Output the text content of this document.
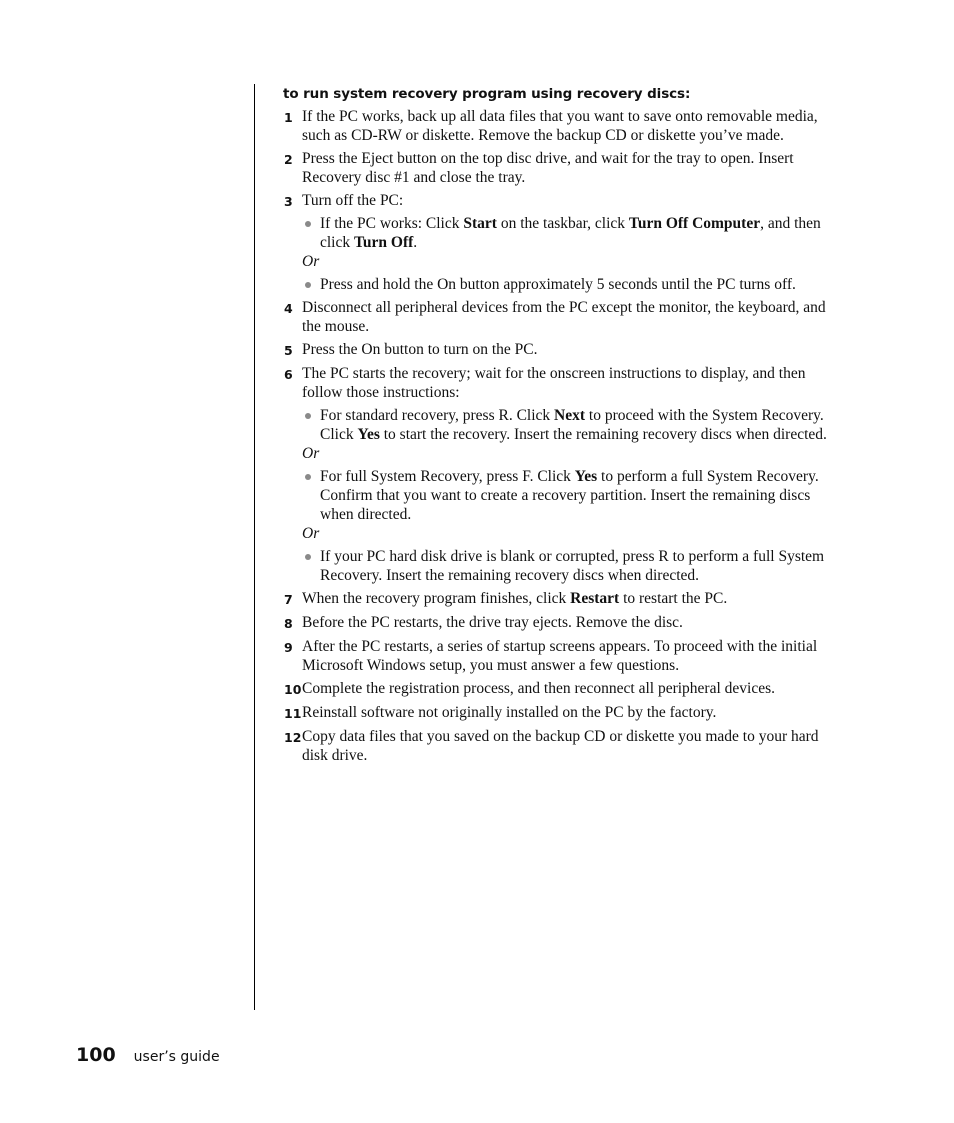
to run system recovery program using recovery discs:
1 If the PC works, back up all data files that you want to save onto removable media, such as CD-RW or diskette. Remove the backup CD or diskette you’ve made.

2 Press the Eject button on the top disc drive, and wait for the tray to open. Insert Recovery disc #1 and close the tray.

3 Turn off the PC:

If the PC works: Click Start on the taskbar, click Turn Off Computer, and then click Turn Off.

Or

Press and hold the On button approximately 5 seconds until the PC turns off.
4 Disconnect all peripheral devices from the PC except the monitor, the keyboard, and the mouse.

5 Press the On button to turn on the PC.

6 The PC starts the recovery; wait for the onscreen instructions to display, and then follow those instructions:

For standard recovery, press R. Click Next to proceed with the System Recovery. Click Yes to start the recovery. Insert the remaining recovery discs when directed.

Or

For full System Recovery, press F. Click Yes to perform a full System Recovery. Confirm that you want to create a recovery partition. Insert the remaining discs when directed.

Or

If your PC hard disk drive is blank or corrupted, press R to perform a full System Recovery. Insert the remaining recovery discs when directed.
7 When the recovery program finishes, click Restart to restart the PC.

8 Before the PC restarts, the drive tray ejects. Remove the disc.

9 After the PC restarts, a series of startup screens appears. To proceed with the initial Microsoft Windows setup, you must answer a few questions.

10 Complete the registration process, and then reconnect all peripheral devices.

11 Reinstall software not originally installed on the PC by the factory.

12 Copy data files that you saved on the backup CD or diskette you made to your hard disk drive.

100 user’s guide
